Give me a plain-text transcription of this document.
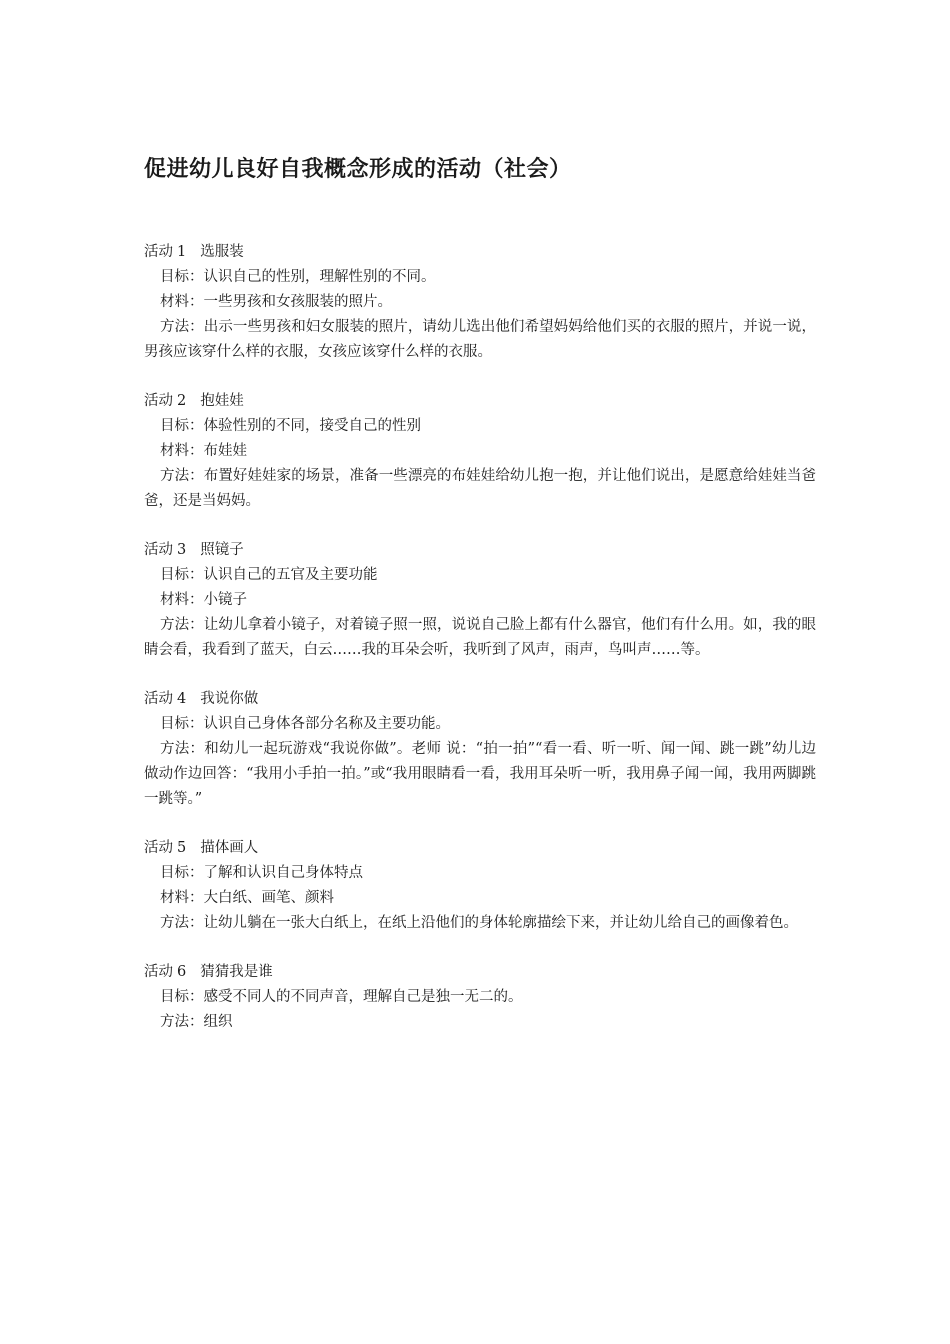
促进幼儿良好自我概念形成的活动（社会）
活动 1 选服装
目标：认识自己的性别，理解性别的不同。
材料：一些男孩和女孩服装的照片。
方法：出示一些男孩和妇女服装的照片，请幼儿选出他们希望妈妈给他们买的衣服的照片，并说一说，男孩应该穿什么样的衣服，女孩应该穿什么样的衣服。
活动 2 抱娃娃
目标：体验性别的不同，接受自己的性别
材料：布娃娃
方法：布置好娃娃家的场景，准备一些漂亮的布娃娃给幼儿抱一抱，并让他们说出，是愿意给娃娃当爸爸，还是当妈妈。
活动 3 照镜子
目标：认识自己的五官及主要功能
材料：小镜子
方法：让幼儿拿着小镜子，对着镜子照一照，说说自己脸上都有什么器官，他们有什么用。如，我的眼睛会看，我看到了蓝天，白云……我的耳朵会听，我听到了风声，雨声，鸟叫声……等。
活动 4 我说你做
目标：认识自己身体各部分名称及主要功能。
方法：和幼儿一起玩游戏“我说你做”。老师 说：“拍一拍”“看一看、听一听、闻一闻、跳一跳”幼儿边做动作边回答：“我用小手拍一拍。”或“我用眼睛看一看，我用耳朵听一听，我用鼻子闻一闻，我用两脚跳一跳等。”
活动 5 描体画人
目标：了解和认识自己身体特点
材料：大白纸、画笔、颜料
方法：让幼儿躺在一张大白纸上，在纸上沿他们的身体轮廓描绘下来，并让幼儿给自己的画像着色。
活动 6 猜猜我是谁
目标：感受不同人的不同声音，理解自己是独一无二的。
方法：组织
